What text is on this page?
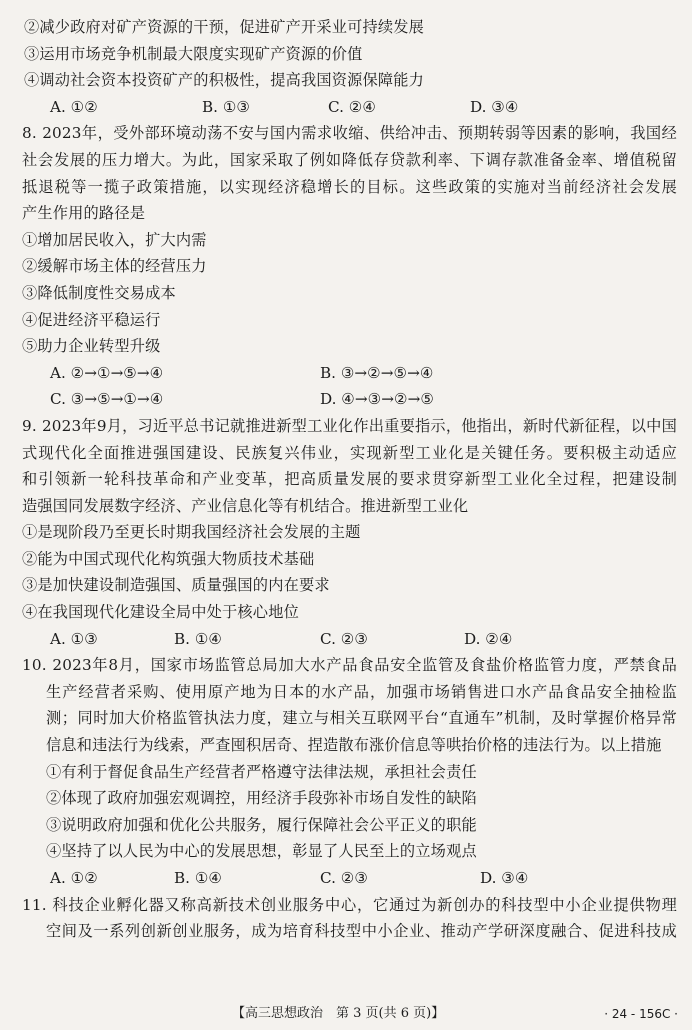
②减少政府对矿产资源的干预，促进矿产开采业可持续发展
③运用市场竞争机制最大限度实现矿产资源的价值
④调动社会资本投资矿产的积极性，提高我国资源保障能力
A. ①②	B. ①③	C. ②④	D. ③④
8. 2023年，受外部环境动荡不安与国内需求收缩、供给冲击、预期转弱等因素的影响，我国经
社会发展的压力增大。为此，国家采取了例如降低存贷款利率、下调存款准备金率、增值税留
抵退税等一揽子政策措施，以实现经济稳增长的目标。这些政策的实施对当前经济社会发展
产生作用的路径是
①增加居民收入，扩大内需
②缓解市场主体的经营压力
③降低制度性交易成本
④促进经济平稳运行
⑤助力企业转型升级
A. ②→①→⑤→④	B. ③→②→⑤→④
C. ③→⑤→①→④	D. ④→③→②→⑤
9. 2023年9月，习近平总书记就推进新型工业化作出重要指示，他指出，新时代新征程，以中国
式现代化全面推进强国建设、民族复兴伟业，实现新型工业化是关键任务。要积极主动适应
和引领新一轮科技革命和产业变革，把高质量发展的要求贯穿新型工业化全过程，把建设制
造强国同发展数字经济、产业信息化等有机结合。推进新型工业化
①是现阶段乃至更长时期我国经济社会发展的主题
②能为中国式现代化构筑强大物质技术基础
③是加快建设制造强国、质量强国的内在要求
④在我国现代化建设全局中处于核心地位
A. ①③	B. ①④	C. ②③	D. ②④
10. 2023年8月，国家市场监管总局加大水产品食品安全监管及食盐价格监管力度，严禁食品
生产经营者采购、使用原产地为日本的水产品，加强市场销售进口水产品食品安全抽检监
测；同时加大价格监管执法力度，建立与相关互联网平台“直通车”机制，及时掌握价格异常
信息和违法行为线索，严查囤积居奇、捏造散布涨价信息等哄抬价格的违法行为。以上措施
①有利于督促食品生产经营者严格遵守法律法规，承担社会责任
②体现了政府加强宏观调控，用经济手段弥补市场自发性的缺陷
③说明政府加强和优化公共服务，履行保障社会公平正义的职能
④坚持了以人民为中心的发展思想，彰显了人民至上的立场观点
A. ①②	B. ①④	C. ②③	D. ③④
11. 科技企业孵化器又称高新技术创业服务中心，它通过为新创办的科技型中小企业提供物理
空间及一系列创新创业服务，成为培育科技型中小企业、推动产学研深度融合、促进科技成
【高三思想政治　第 3 页(共 6 页)】	· 24 - 156C ·
